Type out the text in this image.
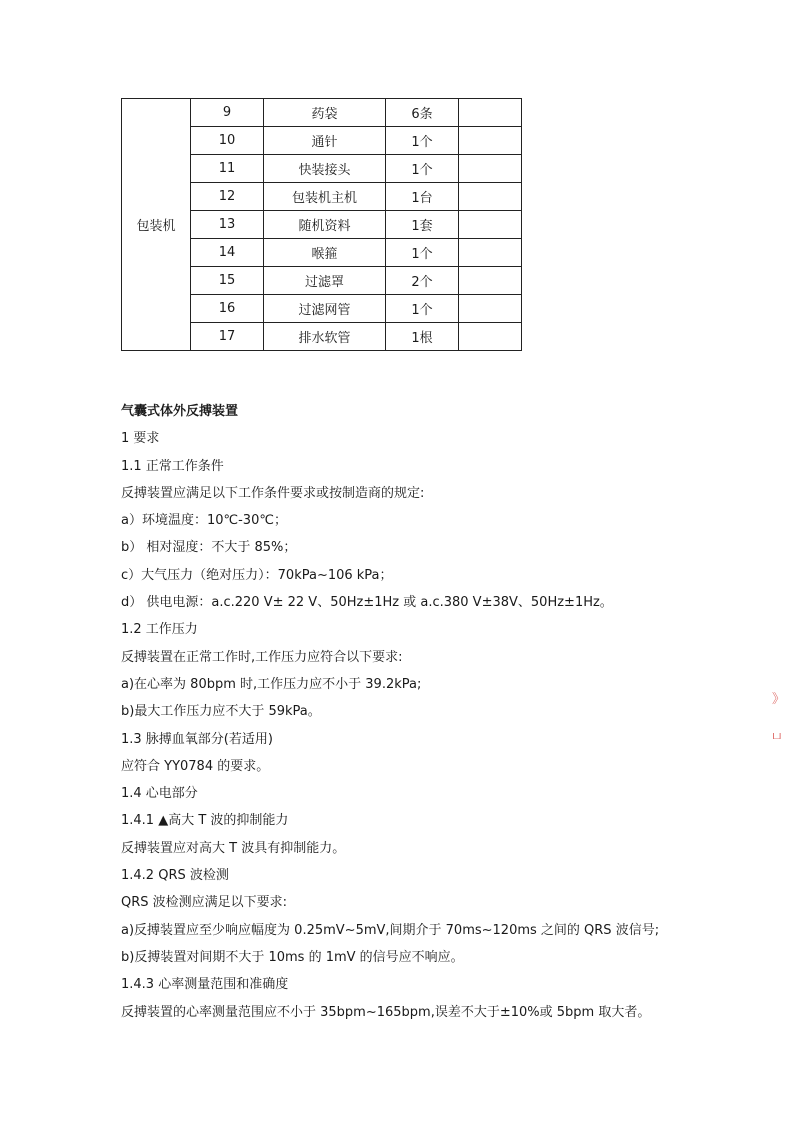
包装机	9	药袋	6条	
	10	通针	1个	
	11	快装接头	1个	
	12	包装机主机	1台	
	13	随机资料	1套	
	14	喉箍	1个	
	15	过滤罩	2个	
	16	过滤网管	1个	
	17	排水软管	1根	
气囊式体外反搏装置
1 要求
1.1 正常工作条件
反搏装置应满足以下工作条件要求或按制造商的规定:
a）环境温度：10℃-30℃；
b） 相对湿度：不大于 85%；
c）大气压力（绝对压力）：70kPa~106 kPa；
d） 供电电源：a.c.220 V± 22 V、50Hz±1Hz 或 a.c.380 V±38V、50Hz±1Hz。
1.2 工作压力
反搏装置在正常工作时,工作压力应符合以下要求:
a)在心率为 80bpm 时,工作压力应不小于 39.2kPa;
b)最大工作压力应不大于 59kPa。
1.3 脉搏血氧部分(若适用)
应符合 YY0784 的要求。
1.4 心电部分
1.4.1 ▲高大 T 波的抑制能力
反搏装置应对高大 T 波具有抑制能力。
1.4.2 QRS 波检测
QRS 波检测应满足以下要求:
a)反搏装置应至少响应幅度为 0.25mV~5mV,间期介于 70ms~120ms 之间的 QRS 波信号;
b)反搏装置对间期不大于 10ms 的 1mV 的信号应不响应。
1.4.3 心率测量范围和准确度
反搏装置的心率测量范围应不小于 35bpm~165bpm,误差不大于±10%或 5bpm 取大者。
》
ப
